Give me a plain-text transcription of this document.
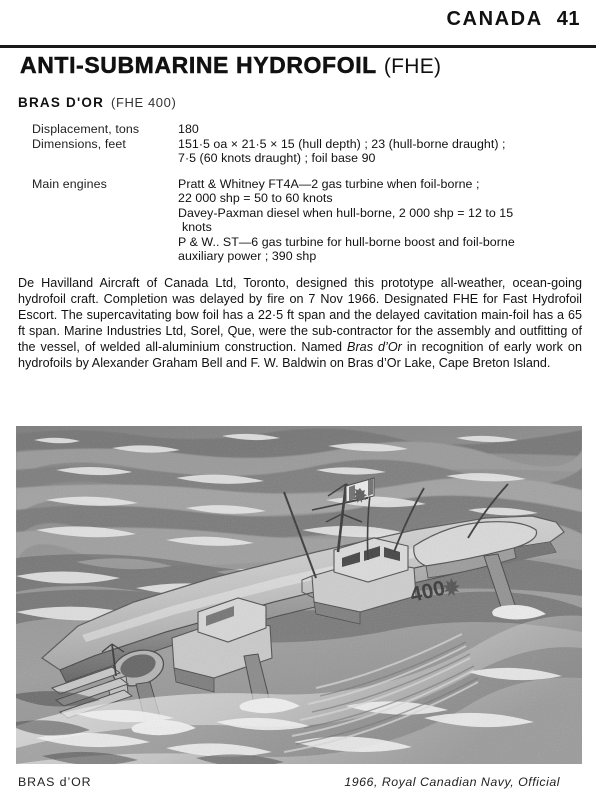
CANADA 41
ANTI-SUBMARINE HYDROFOIL (FHE)
BRAS D'OR (FHE 400)
Displacement, tons	180
Dimensions, feet	151·5 oa × 21·5 × 15 (hull depth) ; 23 (hull-borne draught) ;
7·5 (60 knots draught) ; foil base 90
Main engines	Pratt & Whitney FT4A—2 gas turbine when foil-borne ;
22 000 shp = 50 to 60 knots
Davey-Paxman diesel when hull-borne, 2 000 shp = 12 to 15
knots
P & W.. ST—6 gas turbine for hull-borne boost and foil-borne
auxiliary power ; 390 shp
De Havilland Aircraft of Canada Ltd, Toronto, designed this prototype all-weather, ocean-going hydrofoil craft. Completion was delayed by fire on 7 Nov 1966. Designated FHE for Fast Hydrofoil Escort. The supercavitating bow foil has a 22·5 ft span and the delayed cavitation main-foil has a 65 ft span. Marine Industries Ltd, Sorel, Que, were the sub-contractor for the assembly and outfitting of the vessel, of welded all-aluminium construction. Named Bras d’Or in recognition of early work on hydrofoils by Alexander Graham Bell and F. W. Baldwin on Bras d’Or Lake, Cape Breton Island.
BRAS d’OR	1966, Royal Canadian Navy, Official
